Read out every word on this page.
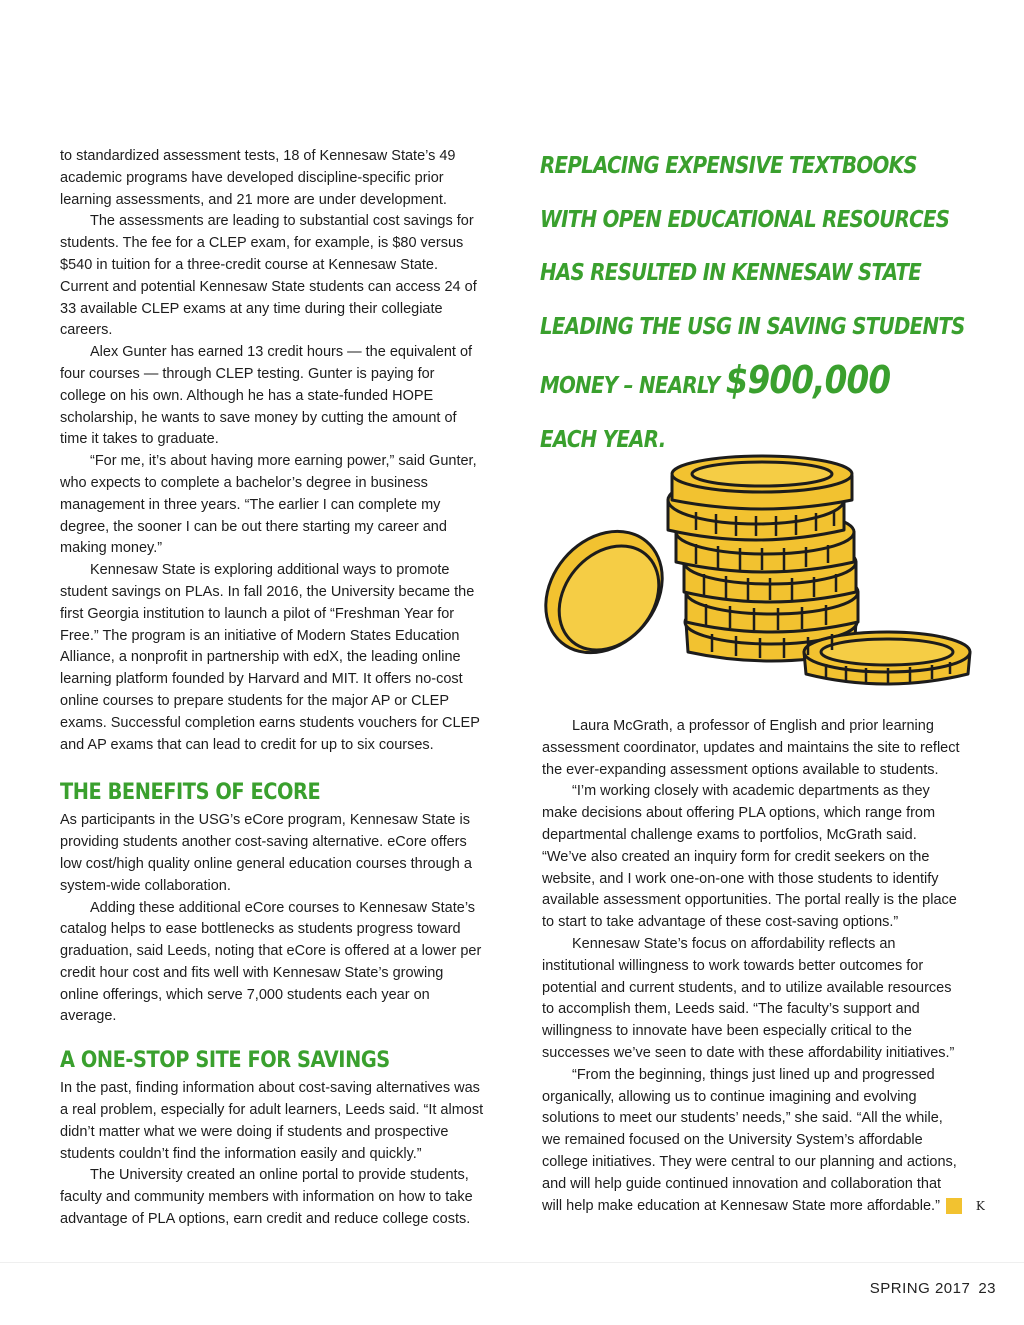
to standardized assessment tests, 18 of Kennesaw State’s 49 academic programs have developed discipline-specific prior learning assessments, and 21 more are under development.

The assessments are leading to substantial cost savings for students. The fee for a CLEP exam, for example, is $80 versus $540 in tuition for a three-credit course at Kennesaw State. Current and potential Kennesaw State students can access 24 of 33 available CLEP exams at any time during their collegiate careers.

Alex Gunter has earned 13 credit hours — the equivalent of four courses — through CLEP testing. Gunter is paying for college on his own. Although he has a state-funded HOPE scholarship, he wants to save money by cutting the amount of time it takes to graduate.

“For me, it’s about having more earning power,” said Gunter, who expects to complete a bachelor’s degree in business management in three years. “The earlier I can complete my degree, the sooner I can be out there starting my career and making money.”

Kennesaw State is exploring additional ways to promote student savings on PLAs. In fall 2016, the University became the first Georgia institution to launch a pilot of “Freshman Year for Free.” The program is an initiative of Modern States Education Alliance, a nonprofit in partnership with edX, the leading online learning platform founded by Harvard and MIT. It offers no-cost online courses to prepare students for the major AP or CLEP exams. Successful completion earns students vouchers for CLEP and AP exams that can lead to credit for up to six courses.

THE BENEFITS OF ECORE

As participants in the USG’s eCore program, Kennesaw State is providing students another cost-saving alternative. eCore offers low cost/high quality online general education courses through a system-wide collaboration.

Adding these additional eCore courses to Kennesaw State’s catalog helps to ease bottlenecks as students progress toward graduation, said Leeds, noting that eCore is offered at a lower per credit hour cost and fits well with Kennesaw State’s growing online offerings, which serve 7,000 students each year on average.

A ONE-STOP SITE FOR SAVINGS

In the past, finding information about cost-saving alternatives was a real problem, especially for adult learners, Leeds said. “It almost didn’t matter what we were doing if students and prospective students couldn’t find the information easily and quickly.”

The University created an online portal to provide students, faculty and community members with information on how to take advantage of PLA options, earn credit and reduce college costs.

REPLACING EXPENSIVE TEXTBOOKS
WITH OPEN EDUCATIONAL RESOURCES
HAS RESULTED IN KENNESAW STATE
LEADING THE USG IN SAVING STUDENTS
MONEY – NEARLY $900,000
EACH YEAR.

Laura McGrath, a professor of English and prior learning assessment coordinator, updates and maintains the site to reflect the ever-expanding assessment options available to students.

“I’m working closely with academic departments as they make decisions about offering PLA options, which range from departmental challenge exams to portfolios, McGrath said. “We’ve also created an inquiry form for credit seekers on the website, and I work one-on-one with those students to identify available assessment opportunities. The portal really is the place to start to take advantage of these cost-saving options.”

Kennesaw State’s focus on affordability reflects an institutional willingness to work towards better outcomes for potential and current students, and to utilize available resources to accomplish them, Leeds said. “The faculty’s support and willingness to innovate have been especially critical to the successes we’ve seen to date with these affordability initiatives.”

“From the beginning, things just lined up and progressed organically, allowing us to continue imagining and evolving solutions to meet our students’ needs,” she said. “All the while, we remained focused on the University System’s affordable college initiatives. They were central to our planning and actions, and will help guide continued innovation and collaboration that will help make education at Kennesaw State more affordable.”	K

SPRING 2017 23
